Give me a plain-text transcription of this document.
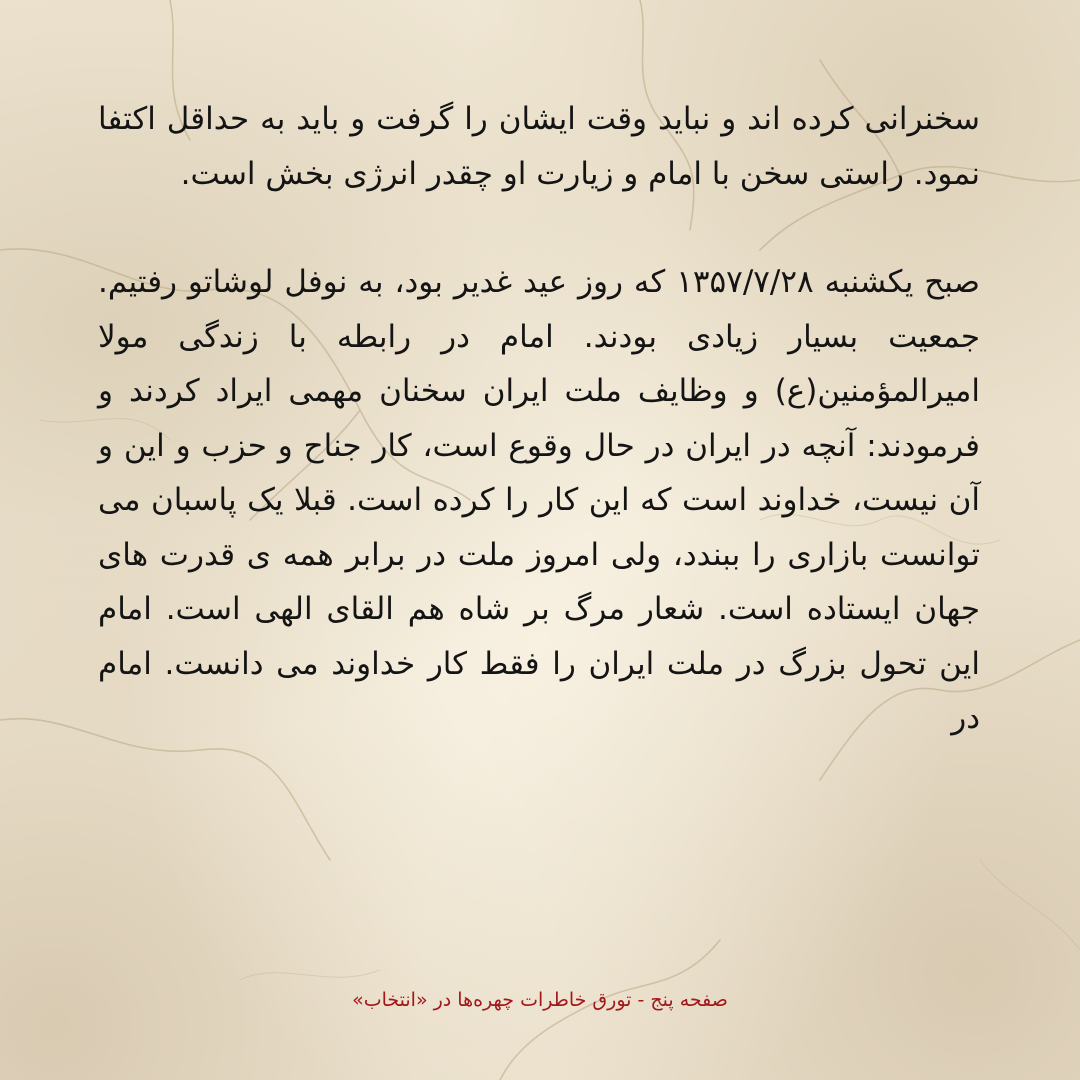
سخنرانی کرده اند و نباید وقت ایشان را گرفت و باید به حداقل اکتفا نمود. راستی سخن با امام و زیارت او چقدر انرژی بخش است.

صبح یکشنبه ۱۳۵۷/۷/۲۸ که روز عید غدیر بود، به نوفل لوشاتو رفتیم. جمعیت بسیار زیادی بودند. امام در رابطه با زندگی مولا امیرالمؤمنین(ع) و وظایف ملت ایران سخنان مهمی ایراد کردند و فرمودند: آنچه در ایران در حال وقوع است، کار جناح و حزب و این و آن نیست، خداوند است که این کار را کرده است. قبلا یک پاسبان می توانست بازاری را ببندد، ولی امروز ملت در برابر همه ی قدرت های جهان ایستاده است. شعار مرگ بر شاه هم القای الهی است. امام این تحول بزرگ در ملت ایران را فقط کار خداوند می دانست. امام در

صفحه پنج - تورق خاطرات چهره‌ها در «انتخاب»
